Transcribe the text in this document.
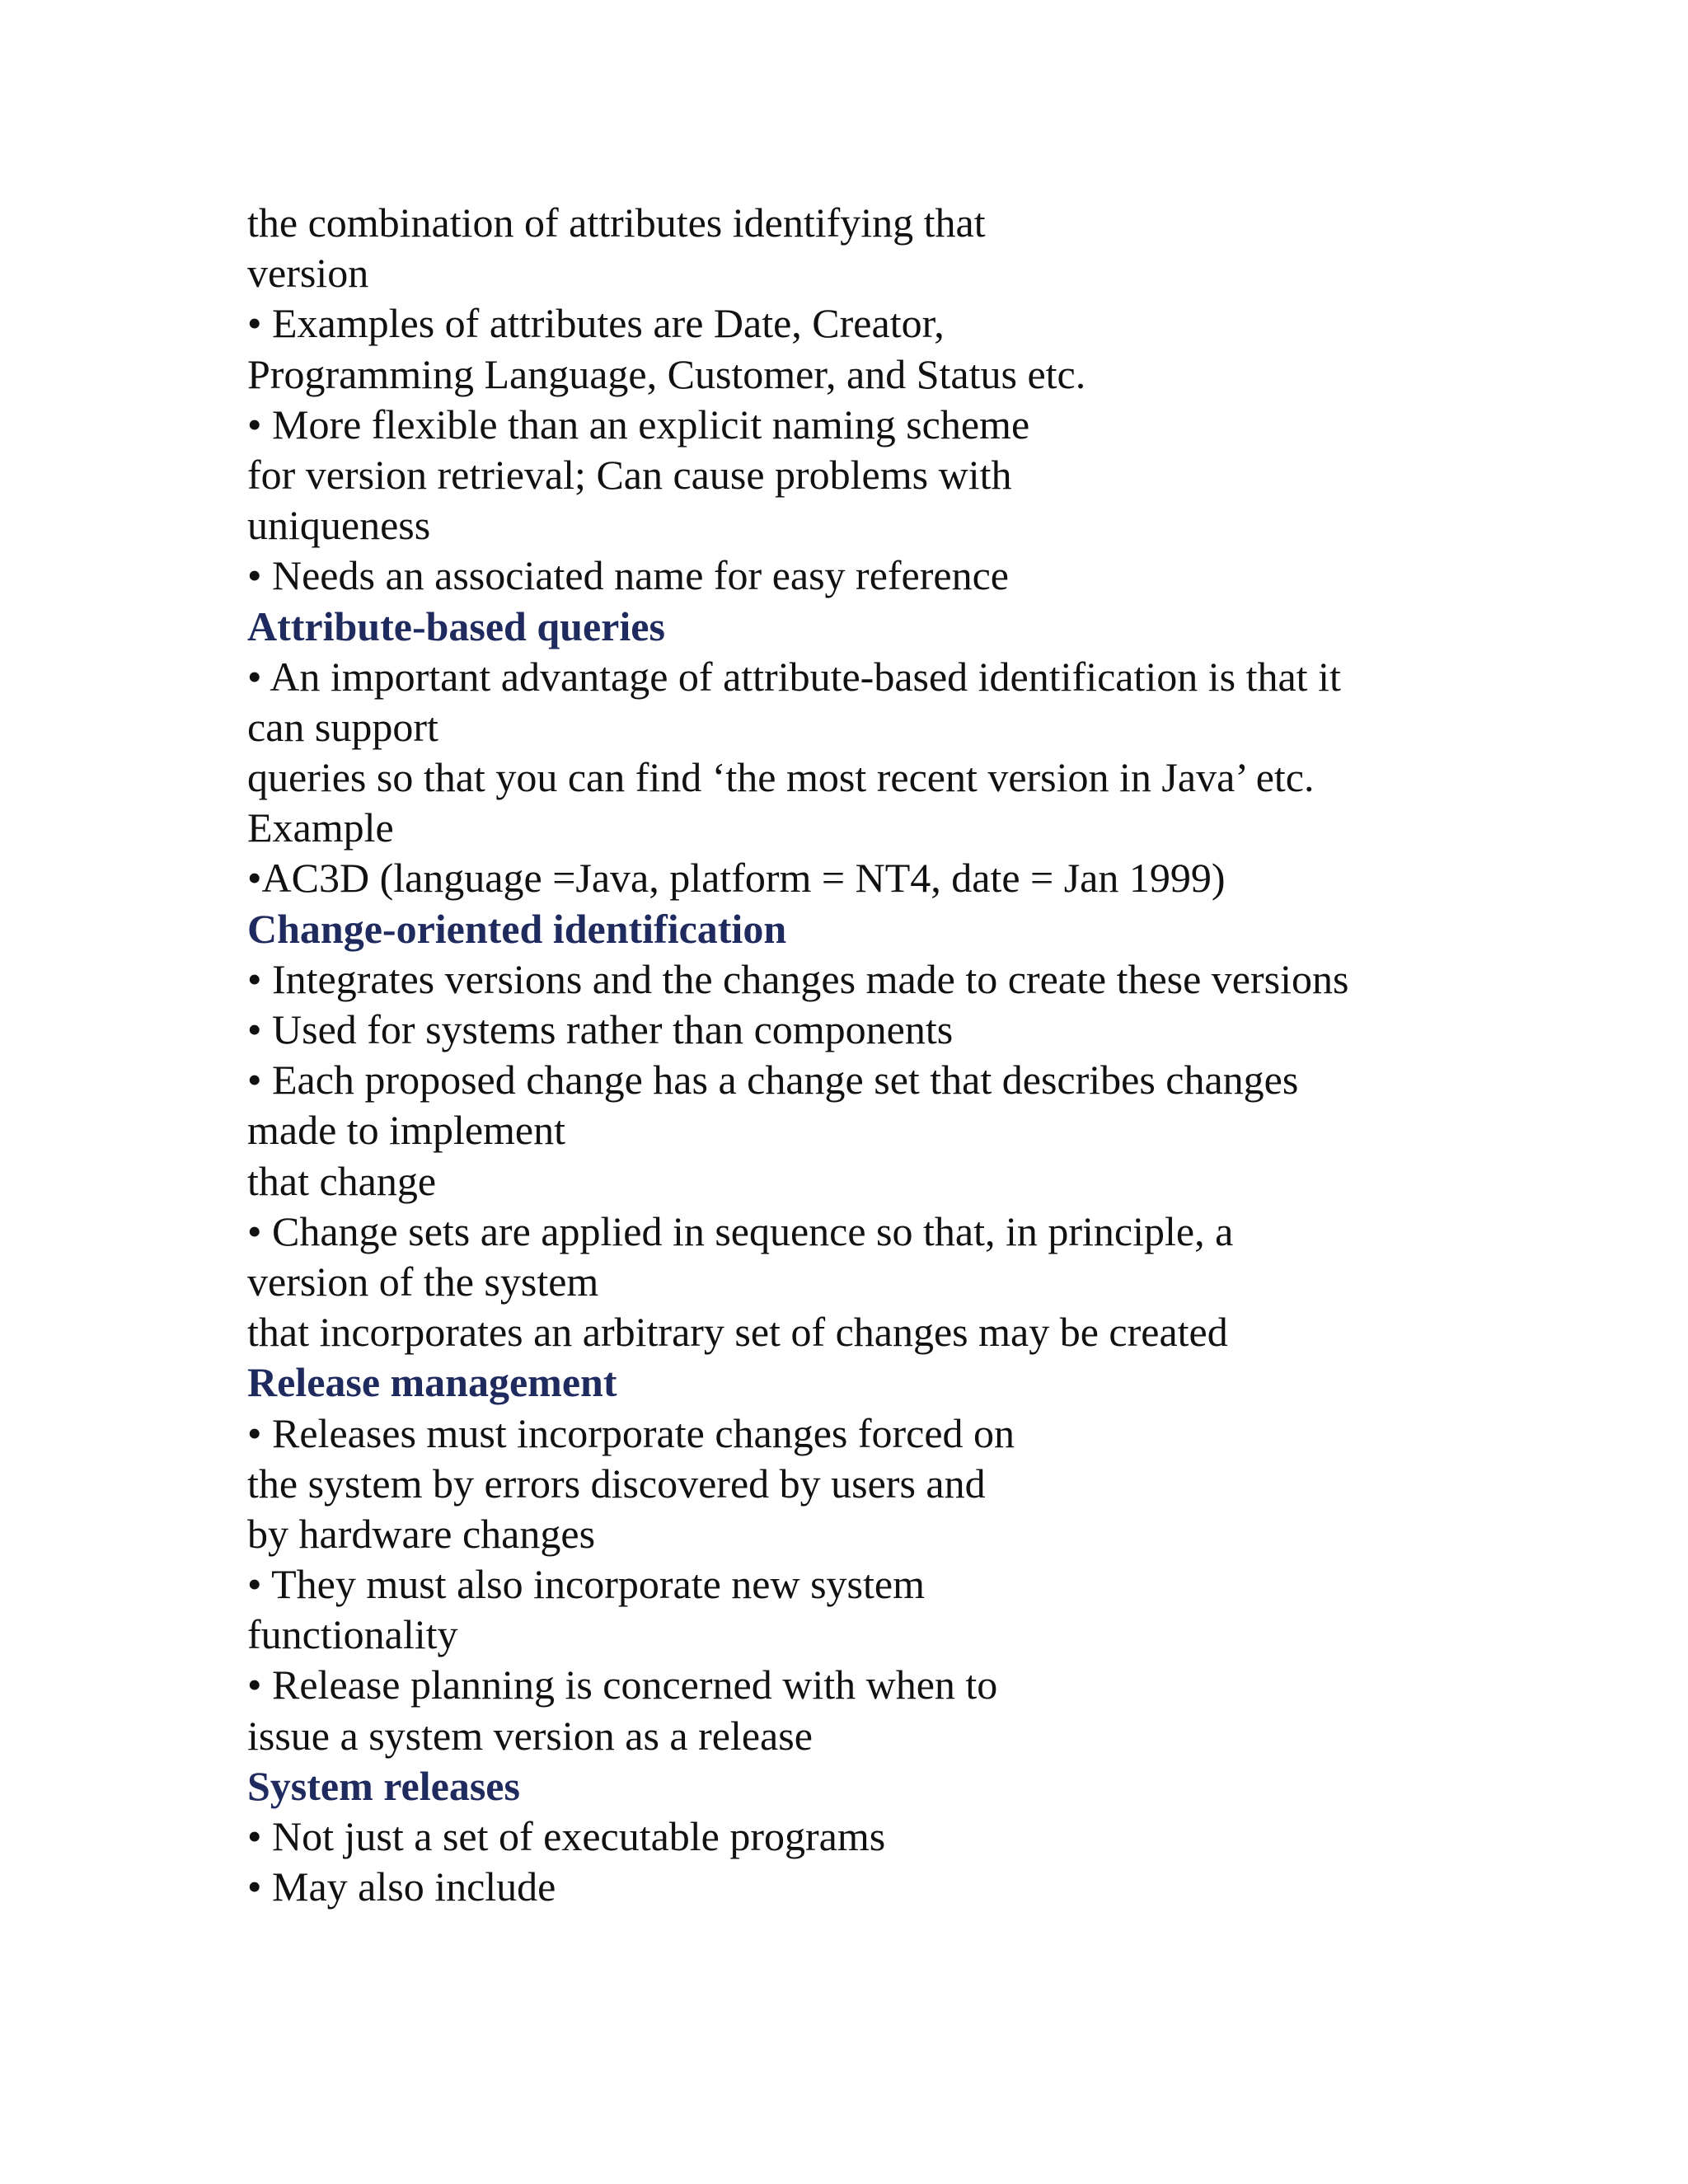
the combination of attributes identifying that
version
• Examples of attributes are Date, Creator,
Programming Language, Customer, and Status etc.
• More flexible than an explicit naming scheme
for version retrieval; Can cause problems with
uniqueness
• Needs an associated name for easy reference
Attribute-based queries
• An important advantage of attribute-based identification is that it
can support
queries so that you can find ‘the most recent version in Java’ etc.
Example
•AC3D (language =Java, platform = NT4, date = Jan 1999)
Change-oriented identification
• Integrates versions and the changes made to create these versions
• Used for systems rather than components
• Each proposed change has a change set that describes changes
made to implement
that change
• Change sets are applied in sequence so that, in principle, a
version of the system
that incorporates an arbitrary set of changes may be created
Release management
• Releases must incorporate changes forced on
the system by errors discovered by users and
by hardware changes
• They must also incorporate new system
functionality
• Release planning is concerned with when to
issue a system version as a release
System releases
• Not just a set of executable programs
• May also include
